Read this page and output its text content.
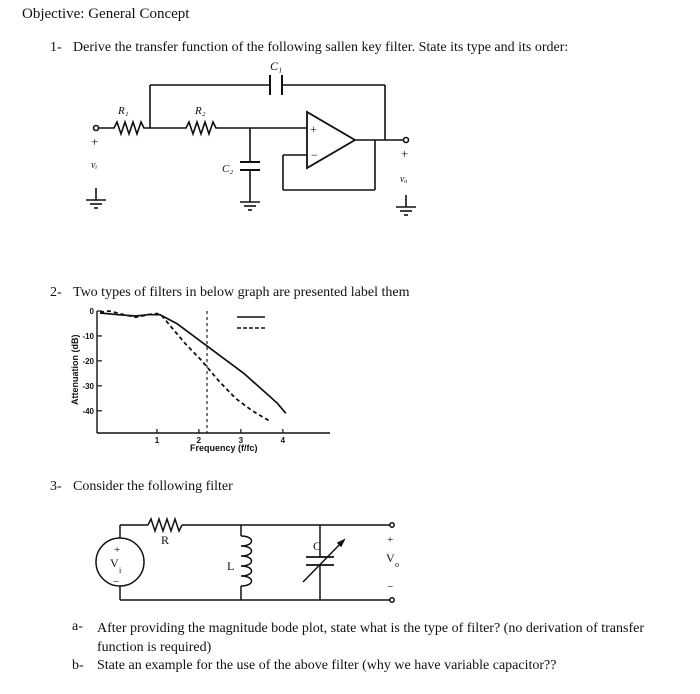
Objective: General Concept
1- Derive the transfer function of the following sallen key filter. State its type and its order:
2- Two types of filters in below graph are presented label them
3- Consider the following filter
a- After providing the magnitude bode plot, state what is the type of filter? (no derivation of transfer function is required)
b- State an example for the use of the above filter (why we have variable capacitor??
C₁
R₁	R₂
C₂
vᵢ
vₒ
+
+
+
−
0
-10
-20
-30
-40
1	2	3	4
Attenuation (dB)
Frequency (f/fc)
R
L
C
+
V
i
−
+
V o
−
